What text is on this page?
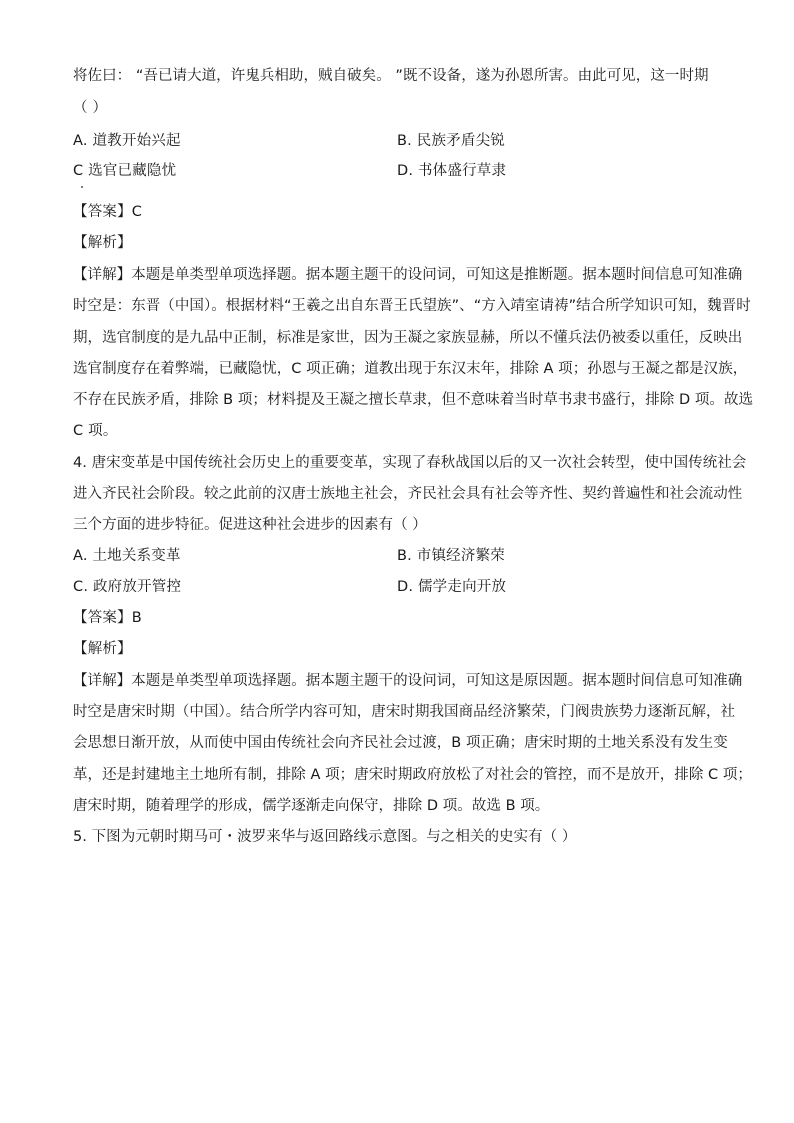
将佐曰： “吾已请大道，许鬼兵相助，贼自破矣。 ”既不设备，遂为孙恩所害。由此可见，这一时期
（ ）
A. 道教开始兴起	B. 民族矛盾尖锐
C 选官已藏隐忧	D. 书体盛行草隶
【答案】C
【解析】
【详解】本题是单类型单项选择题。据本题主题干的设问词，可知这是推断题。据本题时间信息可知准确
时空是：东晋（中国）。根据材料“王羲之出自东晋王氏望族”、“方入靖室请祷”结合所学知识可知，魏晋时
期，选官制度的是九品中正制，标准是家世，因为王凝之家族显赫，所以不懂兵法仍被委以重任，反映出
选官制度存在着弊端，已藏隐忧，C 项正确；道教出现于东汉末年，排除 A 项；孙恩与王凝之都是汉族，
不存在民族矛盾，排除 B 项；材料提及王凝之擅长草隶，但不意味着当时草书隶书盛行，排除 D 项。故选
C 项。
4. 唐宋变革是中国传统社会历史上的重要变革，实现了春秋战国以后的又一次社会转型，使中国传统社会
进入齐民社会阶段。较之此前的汉唐士族地主社会，齐民社会具有社会等齐性、契约普遍性和社会流动性
三个方面的进步特征。促进这种社会进步的因素有（ ）
A. 土地关系变革	B. 市镇经济繁荣
C. 政府放开管控	D. 儒学走向开放
【答案】B
【解析】
【详解】本题是单类型单项选择题。据本题主题干的设问词，可知这是原因题。据本题时间信息可知准确
时空是唐宋时期（中国）。结合所学内容可知，唐宋时期我国商品经济繁荣，门阀贵族势力逐渐瓦解，社
会思想日渐开放，从而使中国由传统社会向齐民社会过渡，B 项正确；唐宋时期的土地关系没有发生变
革，还是封建地主土地所有制，排除 A 项；唐宋时期政府放松了对社会的管控，而不是放开，排除 C 项；
唐宋时期，随着理学的形成，儒学逐渐走向保守，排除 D 项。故选 B 项。
5. 下图为元朝时期马可・波罗来华与返回路线示意图。与之相关的史实有（ ）
